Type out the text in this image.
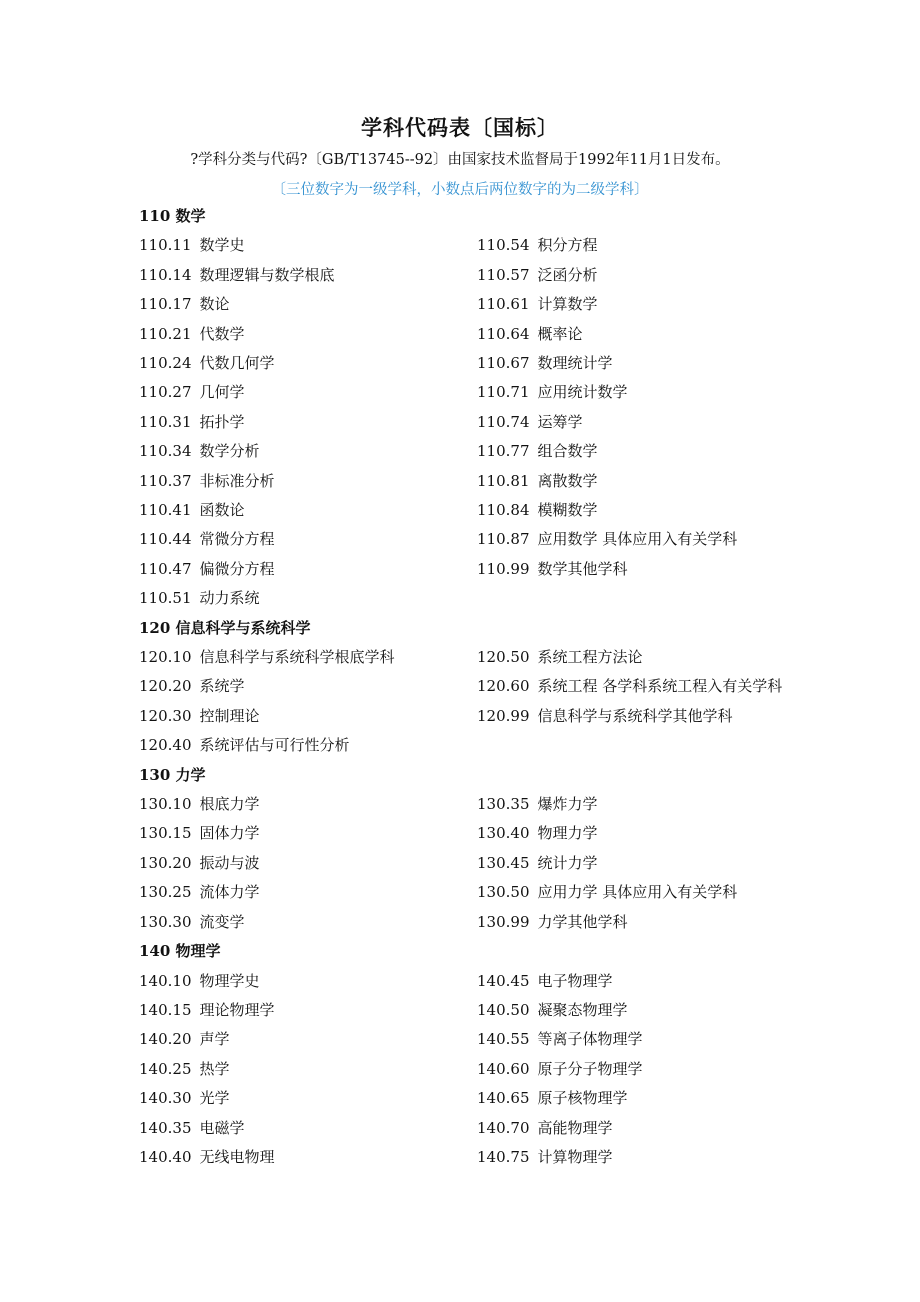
学科代码表〔国标〕
?学科分类与代码?〔GB/T13745--92〕由国家技术监督局于1992年11月1日发布。
〔三位数字为一级学科，小数点后两位数字的为二级学科〕
110 数学
110.11 数学史
110.14 数理逻辑与数学根底
110.17 数论
110.21 代数学
110.24 代数几何学
110.27 几何学
110.31 拓扑学
110.34 数学分析
110.37 非标准分析
110.41 函数论
110.44 常微分方程
110.47 偏微分方程
110.51 动力系统
110.54 积分方程
110.57 泛函分析
110.61 计算数学
110.64 概率论
110.67 数理统计学
110.71 应用统计数学
110.74 运筹学
110.77 组合数学
110.81 离散数学
110.84 模糊数学
110.87 应用数学 具体应用入有关学科
110.99 数学其他学科
120 信息科学与系统科学
120.10 信息科学与系统科学根底学科
120.20 系统学
120.30 控制理论
120.40 系统评估与可行性分析
120.50 系统工程方法论
120.60 系统工程 各学科系统工程入有关学科
120.99 信息科学与系统科学其他学科
130 力学
130.10 根底力学
130.15 固体力学
130.20 振动与波
130.25 流体力学
130.30 流变学
130.35 爆炸力学
130.40 物理力学
130.45 统计力学
130.50 应用力学 具体应用入有关学科
130.99 力学其他学科
140 物理学
140.10 物理学史
140.15 理论物理学
140.20 声学
140.25 热学
140.30 光学
140.35 电磁学
140.40 无线电物理
140.45 电子物理学
140.50 凝聚态物理学
140.55 等离子体物理学
140.60 原子分子物理学
140.65 原子核物理学
140.70 高能物理学
140.75 计算物理学
